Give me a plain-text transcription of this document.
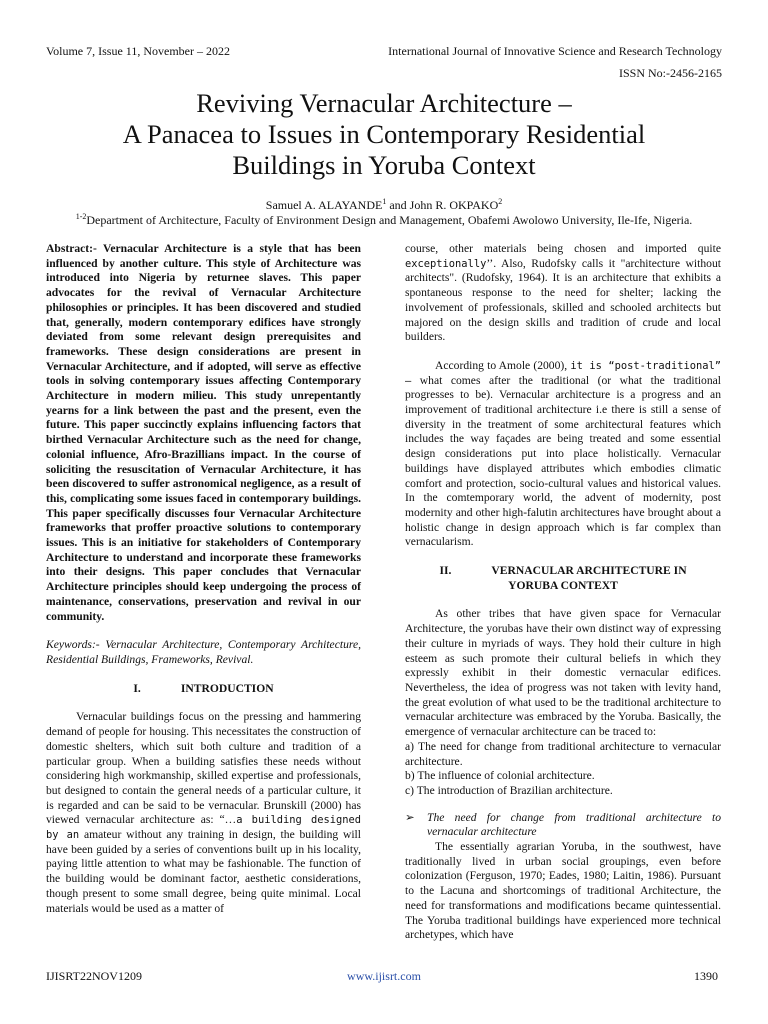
Volume 7, Issue 11, November – 2022	International Journal of Innovative Science and Research Technology
ISSN No:-2456-2165
Reviving Vernacular Architecture –
A Panacea to Issues in Contemporary Residential
Buildings in Yoruba Context
Samuel A. ALAYANDE$^1$ and John R. OKPAKO$^2$
$^{1-2}$Department of Architecture, Faculty of Environment Design and Management, Obafemi Awolowo University, Ile-Ife, Nigeria.

Abstract:- Vernacular Architecture is a style that has been influenced by another culture. This style of Architecture was introduced into Nigeria by returnee slaves. This paper advocates for the revival of Vernacular Architecture philosophies or principles. It has been discovered and studied that, generally, modern contemporary edifices have strongly deviated from some relevant design prerequisites and frameworks. These design considerations are present in Vernacular Architecture, and if adopted, will serve as effective tools in solving contemporary issues affecting Contemporary Architecture in modern milieu. This study unrepentantly yearns for a link between the past and the present, even the future. This paper succinctly explains influencing factors that birthed Vernacular Architecture such as the need for change, colonial influence, Afro-Brazillians impact. In the course of soliciting the resuscitation of Vernacular Architecture, it has been discovered to suffer astronomical negligence, as a result of this, complicating some issues faced in contemporary buildings. This paper specifically discusses four Vernacular Architecture frameworks that proffer proactive solutions to contemporary issues. This is an initiative for stakeholders of Contemporary Architecture to understand and incorporate these frameworks into their designs. This paper concludes that Vernacular Architecture principles should keep undergoing the process of maintenance, conservations, preservation and revival in our community.

Keywords:- Vernacular Architecture, Contemporary Architecture, Residential Buildings, Frameworks, Revival.

I.	INTRODUCTION

Vernacular buildings focus on the pressing and hammering demand of people for housing. This necessitates the construction of domestic shelters, which suit both culture and tradition of a particular group. When a building satisfies these needs without considering high workmanship, skilled expertise and professionals, but designed to contain the general needs of a particular culture, it is regarded and can be said to be vernacular. Brunskill (2000) has viewed vernacular architecture as: “…a building designed by an amateur without any training in design, the building will have been guided by a series of conventions built up in his locality, paying little attention to what may be fashionable. The function of the building would be dominant factor, aesthetic considerations, though present to some small degree, being quite minimal. Local materials would be used as a matter of

course, other materials being chosen and imported quite exceptionally’’. Also, Rudofsky calls it "architecture without architects". (Rudofsky, 1964). It is an architecture that exhibits a spontaneous response to the need for shelter; lacking the involvement of professionals, skilled and schooled architects but majored on the design skills and tradition of crude and local builders.

According to Amole (2000), it is “post-traditional” – what comes after the traditional (or what the traditional progresses to be). Vernacular architecture is a progress and an improvement of traditional architecture i.e there is still a sense of diversity in the treatment of some architectural features which includes the way façades are being treated and some essential design considerations put into place holistically. Vernacular buildings have displayed attributes which embodies climatic comfort and protection, socio-cultural values and historical values. In the comtemporary world, the advent of modernity, post modernity and other high-falutin architectures have brought about a holistic change in design approach which is far complex than vernacularism.

II.	VERNACULAR ARCHITECTURE IN
YORUBA CONTEXT

As other tribes that have given space for Vernacular Architecture, the yorubas have their own distinct way of expressing their culture in myriads of ways. They hold their culture in high esteem as such promote their cultural beliefs in which they expressly exhibit in their domestic vernacular edifices. Nevertheless, the idea of progress was not taken with levity hand, the great evolution of what used to be the traditional architecture to vernacular architecture was embraced by the Yoruba. Basically, the emergence of vernacular architecture can be traced to:

a) The need for change from traditional architecture to vernacular architecture.

b) The influence of colonial architecture.

c) The introduction of Brazilian architecture.

➢ The need for change from traditional architecture to vernacular architecture

The essentially agrarian Yoruba, in the southwest, have traditionally lived in urban social groupings, even before colonization (Ferguson, 1970; Eades, 1980; Laitin, 1986). Pursuant to the Lacuna and shortcomings of traditional Architecture, the need for transformations and modifications became quintessential. The Yoruba traditional buildings have experienced more technical archetypes, which have

IJISRT22NOV1209	www.ijisrt.com	1390
